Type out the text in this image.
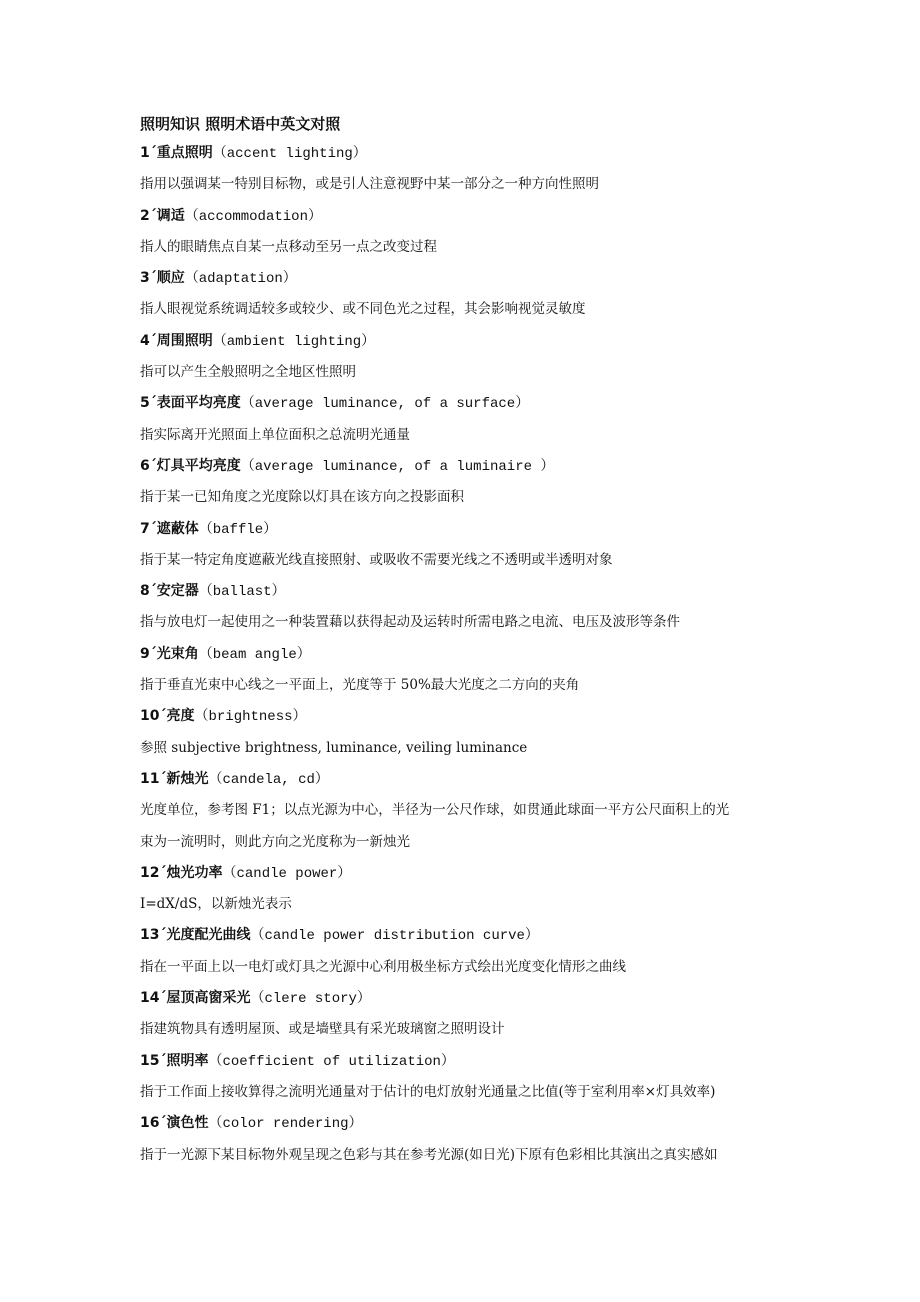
照明知识 照明术语中英文对照
1ˊ重点照明（accent lighting）
指用以强调某一特别目标物，或是引人注意视野中某一部分之一种方向性照明
2ˊ调适（accommodation）
指人的眼睛焦点自某一点移动至另一点之改变过程
3ˊ顺应（adaptation）
指人眼视觉系统调适较多或较少、或不同色光之过程，其会影响视觉灵敏度
4ˊ周围照明（ambient lighting）
指可以产生全般照明之全地区性照明
5ˊ表面平均亮度（average luminance, of a surface）
指实际离开光照面上单位面积之总流明光通量
6ˊ灯具平均亮度（average luminance, of a luminaire ）
指于某一已知角度之光度除以灯具在该方向之投影面积
7ˊ遮蔽体（baffle）
指于某一特定角度遮蔽光线直接照射、或吸收不需要光线之不透明或半透明对象
8ˊ安定器（ballast）
指与放电灯一起使用之一种装置藉以获得起动及运转时所需电路之电流、电压及波形等条件
9ˊ光束角（beam angle）
指于垂直光束中心线之一平面上，光度等于 50%最大光度之二方向的夹角
10ˊ亮度（brightness）
参照 subjective brightness, luminance, veiling luminance
11ˊ新烛光（candela, cd）
光度单位，参考图 F1；以点光源为中心，半径为一公尺作球，如贯通此球面一平方公尺面积上的光
束为一流明时，则此方向之光度称为一新烛光
12ˊ烛光功率（candle power）
I=dX/dS，以新烛光表示
13ˊ光度配光曲线（candle power distribution curve）
指在一平面上以一电灯或灯具之光源中心利用极坐标方式绘出光度变化情形之曲线
14ˊ屋顶高窗采光（clere story）
指建筑物具有透明屋顶、或是墙壁具有采光玻璃窗之照明设计
15ˊ照明率（coefficient of utilization）
指于工作面上接收算得之流明光通量对于估计的电灯放射光通量之比值(等于室利用率×灯具效率)
16ˊ演色性（color rendering）
指于一光源下某目标物外观呈现之色彩与其在参考光源(如日光)下原有色彩相比其演出之真实感如
